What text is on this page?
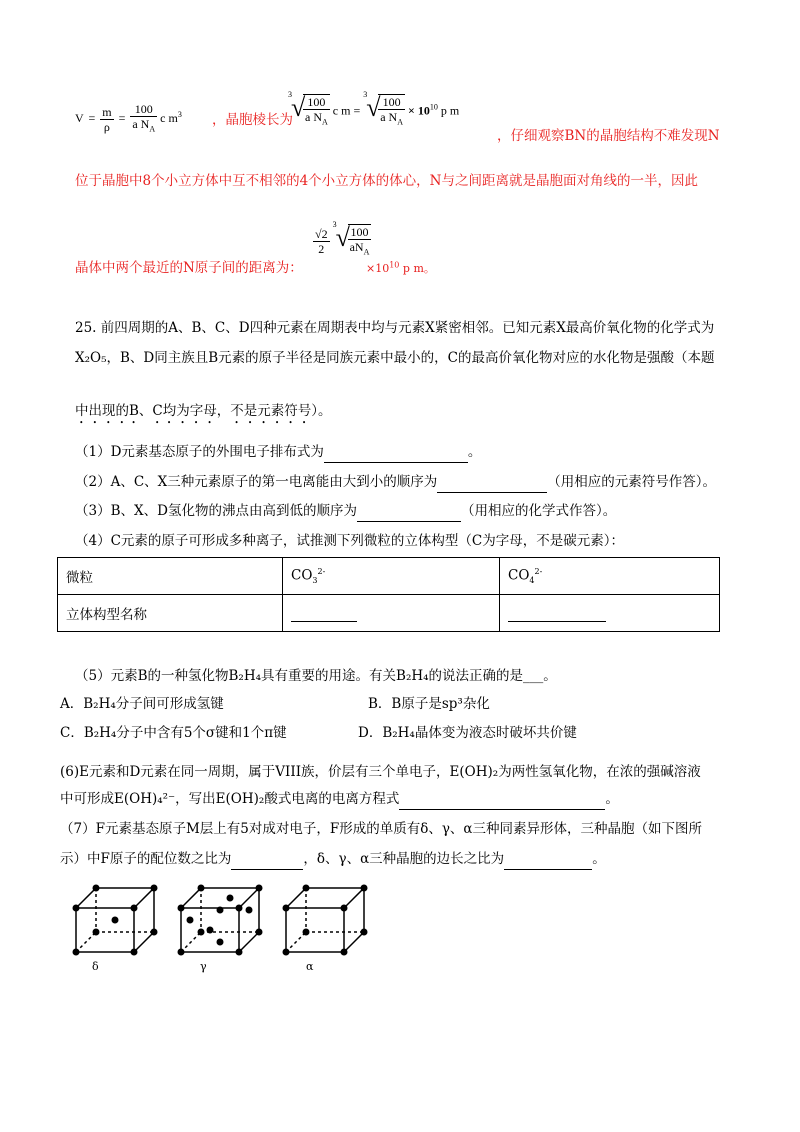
$V = \frac{m}{\rho} = \frac{100}{a N_A}$ c $m^3$ ，晶胞棱长为
3 √
$\frac{100}{a N_A}$ c m =
3 √
$\frac{100}{a N_A} \times 10^{10}$ p m
，仔细观察BN的晶胞结构不难发现N
位于晶胞中8个小立方体中互不相邻的4个小立方体的体心，N与之间距离就是晶胞面对角线的一半，因此
晶体中两个最近的N原子间的距离为：
$\frac{√2}{2}$

3 √
$\frac{100}{aN_A}$
$\times 10^{10}$ p m。
25. 前四周期的A、B、C、D四种元素在周期表中均与元素X紧密相邻。已知元素X最高价氧化物的化学式为
X₂O₅，B、D同主族且B元素的原子半径是同族元素中最小的，C的最高价氧化物对应的水化物是强酸（本题
中出现的B、C均为字母，不是元素符号）。
（1）D元素基态原子的外围电子排布式为	。
（2）A、C、X三种元素原子的第一电离能由大到小的顺序为	（用相应的元素符号作答）。
（3）B、X、D氢化物的沸点由高到低的顺序为	（用相应的化学式作答）。
（4）C元素的原子可形成多种离子，试推测下列微粒的立体构型（C为字母，不是碳元素）：
微粒	$CO_3^{2-}$	$CO_4^{2-}$
立体构型名称		
（5）元素B的一种氢化物B₂H₄具有重要的用途。有关B₂H₄的说法正确的是___。
A．B₂H₄分子间可形成氢键	B．B原子是sp³杂化
C．B₂H₄分子中含有5个σ键和1个π键	D．B₂H₄晶体变为液态时破坏共价键
(6)E元素和D元素在同一周期，属于VIII族，价层有三个单电子，E(OH)₂为两性氢氧化物，在浓的强碱溶液
中可形成E(OH)₄²⁻，写出E(OH)₂酸式电离的电离方程式	。
（7）F元素基态原子M层上有5对成对电子，F形成的单质有δ、γ、α三种同素异形体，三种晶胞（如下图所
示）中F原子的配位数之比为	，δ、γ、α三种晶胞的边长之比为	。
δ	γ	α
